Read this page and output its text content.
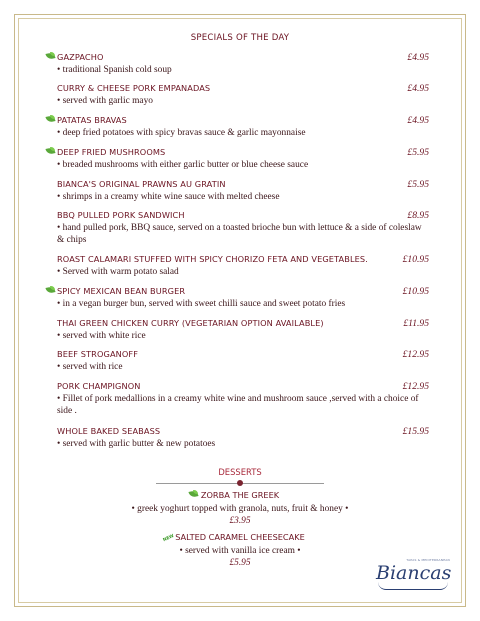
SPECIALS OF THE DAY
GAZPACHO	£4.95
• traditional Spanish cold soup
CURRY & CHEESE PORK EMPANADAS	£4.95
• served with garlic mayo
PATATAS BRAVAS	£4.95
• deep fried potatoes with spicy bravas sauce & garlic mayonnaise
DEEP FRIED MUSHROOMS	£5.95
• breaded mushrooms with either garlic butter or blue cheese sauce
BIANCA'S ORIGINAL PRAWNS AU GRATIN	£5.95
• shrimps in a creamy white wine sauce with melted cheese
BBQ PULLED PORK SANDWICH	£8.95
• hand pulled pork, BBQ sauce, served on a toasted brioche bun with lettuce & a side of coleslaw & chips
ROAST CALAMARI STUFFED WITH SPICY CHORIZO FETA AND VEGETABLES.	£10.95
• Served with warm potato salad
SPICY MEXICAN BEAN BURGER	£10.95
• in a vegan burger bun, served with sweet chilli sauce and sweet potato fries
THAI GREEN CHICKEN CURRY (VEGETARIAN OPTION AVAILABLE)	£11.95
• served with white rice
BEEF STROGANOFF	£12.95
• served with rice
PORK CHAMPIGNON	£12.95
• Fillet of pork medallions in a creamy white wine and mushroom sauce ,served with a choice of side .
WHOLE BAKED SEABASS	£15.95
• served with garlic butter & new potatoes
DESSERTS
ZORBA THE GREEK
• greek yoghurt topped with granola, nuts, fruit & honey •
£3.95
NEW SALTED CARAMEL CHEESECAKE
• served with vanilla ice cream •
£5.95	TAPAS & MEDITERRANEAN
Biancas
